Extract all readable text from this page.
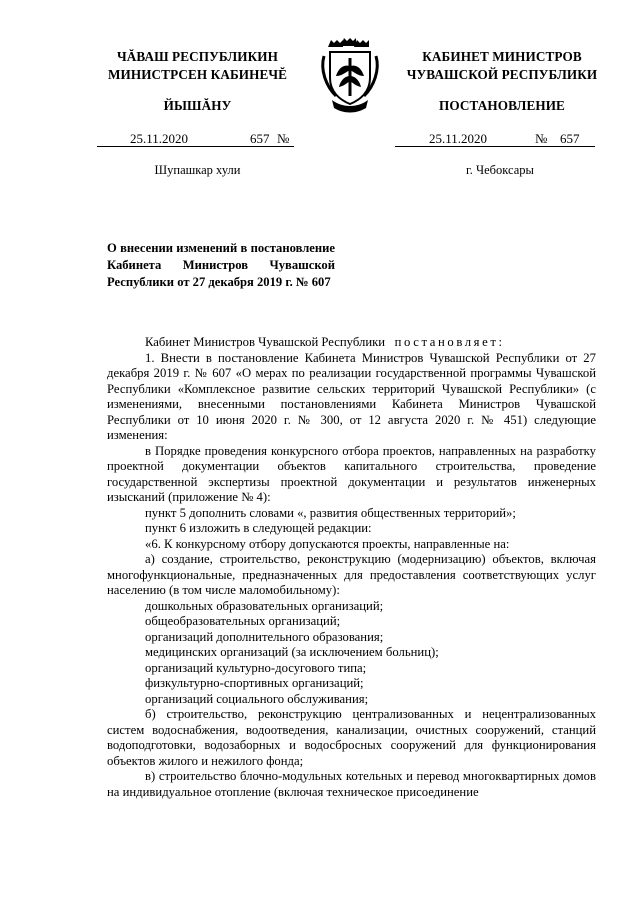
ЧĂВАШ РЕСПУБЛИКИН
МИНИСТРСЕН КАБИНЕЧĔ
ЙЫШĂНУ
КАБИНЕТ МИНИСТРОВ
ЧУВАШСКОЙ РЕСПУБЛИКИ
ПОСТАНОВЛЕНИЕ
25.11.2020	657 №	25.11.2020	№ 657
Шупашкар хули	г. Чебоксары
О внесении изменений в постановление Кабинета Министров Чувашской Республики от 27 декабря 2019 г. № 607

Кабинет Министров Чувашской Республики постановляет:

1. Внести в постановление Кабинета Министров Чувашской Республики от 27 декабря 2019 г. № 607 «О мерах по реализации государственной программы Чувашской Республики «Комплексное развитие сельских территорий Чувашской Республики» (с изменениями, внесенными постановлениями Кабинета Министров Чувашской Республики от 10 июня 2020 г. № 300, от 12 августа 2020 г. № 451) следующие изменения:

в Порядке проведения конкурсного отбора проектов, направленных на разработку проектной документации объектов капитального строительства, проведение государственной экспертизы проектной документации и результатов инженерных изысканий (приложение № 4):

пункт 5 дополнить словами «, развития общественных территорий»;

пункт 6 изложить в следующей редакции:

«6. К конкурсному отбору допускаются проекты, направленные на:

а) создание, строительство, реконструкцию (модернизацию) объектов, включая многофункциональные, предназначенных для предоставления соответствующих услуг населению (в том числе маломобильному):

дошкольных образовательных организаций;

общеобразовательных организаций;

организаций дополнительного образования;

медицинских организаций (за исключением больниц);

организаций культурно-досугового типа;

физкультурно-спортивных организаций;

организаций социального обслуживания;

б) строительство, реконструкцию централизованных и нецентрализованных систем водоснабжения, водоотведения, канализации, очистных сооружений, станций водоподготовки, водозаборных и водосбросных сооружений для функционирования объектов жилого и нежилого фонда;

в) строительство блочно-модульных котельных и перевод многоквартирных домов на индивидуальное отопление (включая техническое присоединение
